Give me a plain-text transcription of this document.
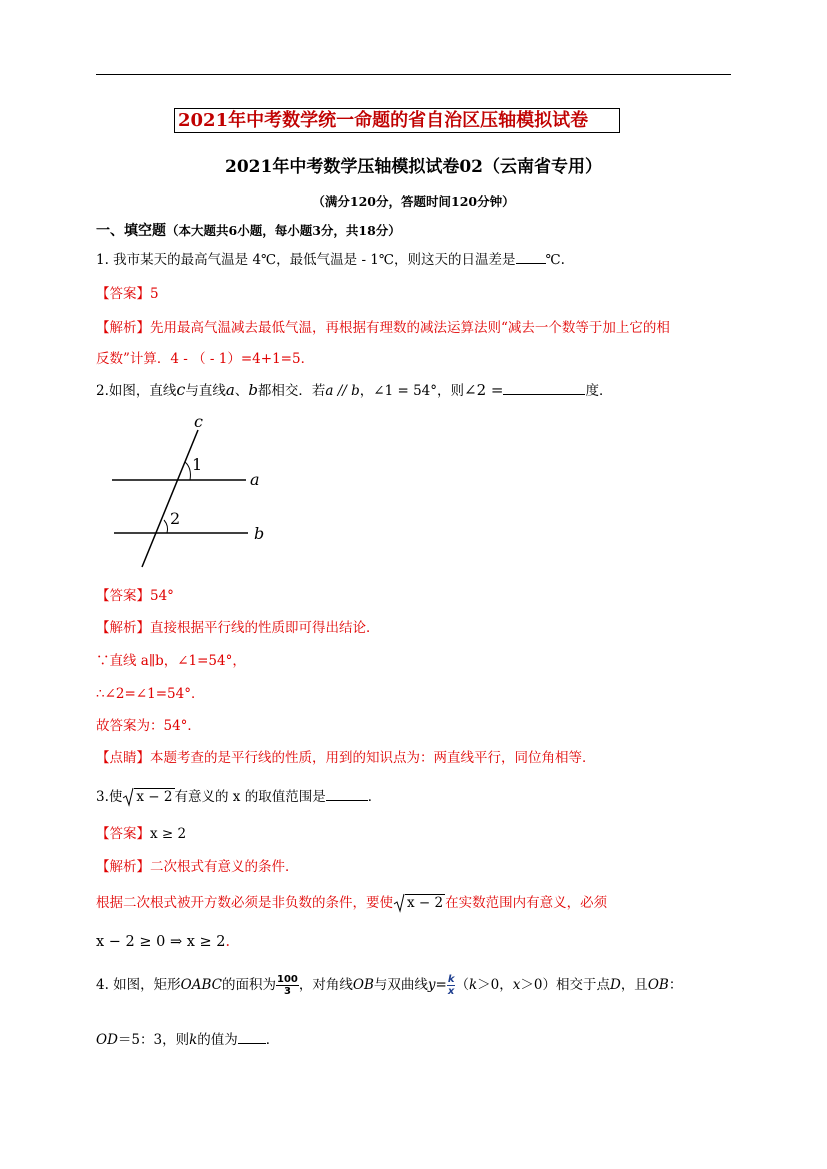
2021年中考数学统一命题的省自治区压轴模拟试卷
2021年中考数学压轴模拟试卷02（云南省专用）
（满分120分，答题时间120分钟）
一、填空题（本大题共6小题，每小题3分，共18分）
1. 我市某天的最高气温是 4℃，最低气温是 - 1℃，则这天的日温差是 ℃.
【答案】5
【解析】先用最高气温减去最低气温，再根据有理数的减法运算法则“减去一个数等于加上它的相
反数”计算．4 - （ - 1）=4+1=5．
2.如图，直线c与直线a、b都相交．若a // b，∠1 = 54°，则∠2 =	度．
c
a
b
1
2
【答案】54°
【解析】直接根据平行线的性质即可得出结论．
∵直线 a∥b，∠1=54°，
∴∠2=∠1=54°．
故答案为：54°．
【点睛】本题考查的是平行线的性质，用到的知识点为：两直线平行，同位角相等．
3.使 x − 2 有意义的 x 的取值范围是	．
【答案】x ≥ 2
【解析】二次根式有意义的条件．
根据二次根式被开方数必须是非负数的条件，要使 x − 2 在实数范围内有意义，必须
x − 2 ≥ 0 ⇒ x ≥ 2．
4. 如图，矩形OABC的面积为 $\frac{100}{3}$ ，对角线OB与双曲线$y= \frac{k}{x} (k>0$，x＞0）相交于点D，且OB：
OD＝5：3，则k的值为 ．
